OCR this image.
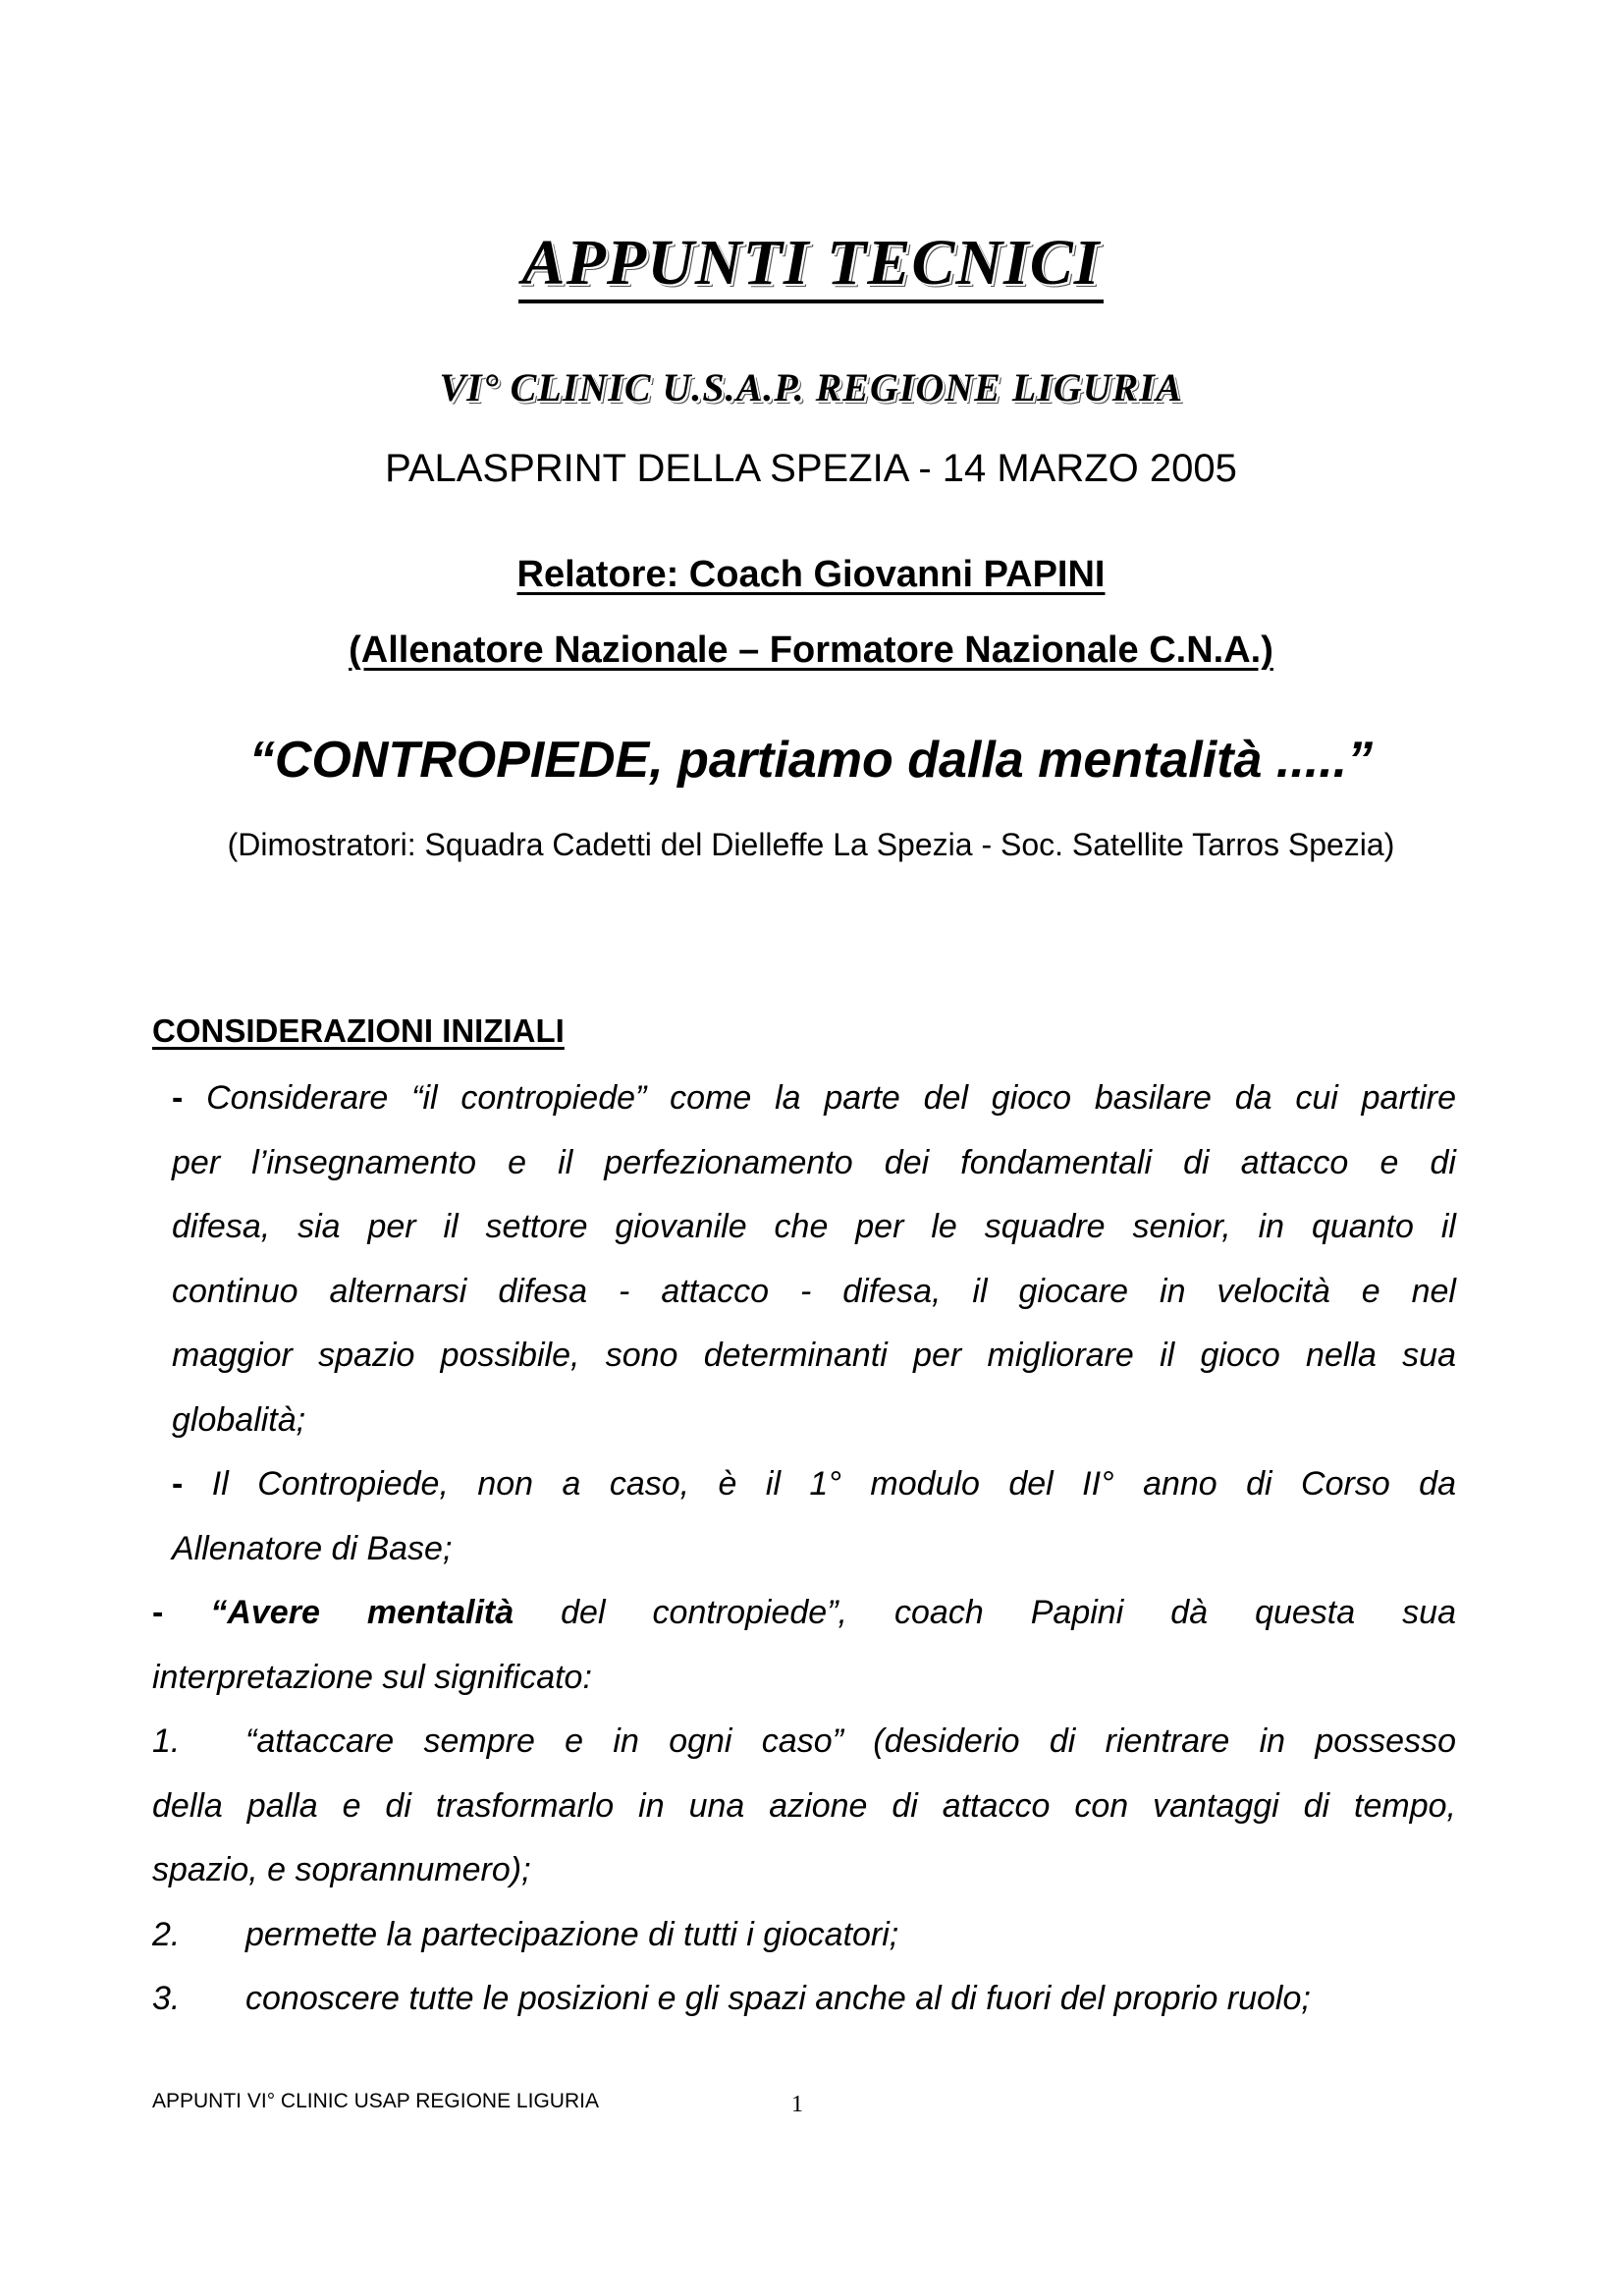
APPUNTI TECNICI
VI° CLINIC U.S.A.P. REGIONE LIGURIA
PALASPRINT DELLA SPEZIA - 14 MARZO 2005
Relatore: Coach Giovanni PAPINI
(Allenatore Nazionale – Formatore Nazionale C.N.A.)
“CONTROPIEDE, partiamo dalla mentalità .....”
(Dimostratori: Squadra Cadetti del Dielleffe La Spezia - Soc. Satellite Tarros Spezia)
CONSIDERAZIONI INIZIALI
- Considerare “il contropiede” come la parte del gioco basilare da cui partire
per l’insegnamento e il perfezionamento dei fondamentali di attacco e di
difesa, sia per il settore giovanile che per le squadre senior, in quanto il
continuo alternarsi difesa - attacco - difesa, il giocare in velocità e nel
maggior spazio possibile, sono determinanti per migliorare il gioco nella sua
globalità;
- Il Contropiede, non a caso, è il 1° modulo del II° anno di Corso da
Allenatore di Base;
- “Avere mentalità del contropiede”, coach Papini dà questa sua
interpretazione sul significato:
1. “attaccare sempre e in ogni caso” (desiderio di rientrare in possesso
della palla e di trasformarlo in una azione di attacco con vantaggi di tempo,
spazio, e soprannumero);
2. permette la partecipazione di tutti i giocatori;
3. conoscere tutte le posizioni e gli spazi anche al di fuori del proprio ruolo;
APPUNTI VI° CLINIC USAP REGIONE LIGURIA	1
